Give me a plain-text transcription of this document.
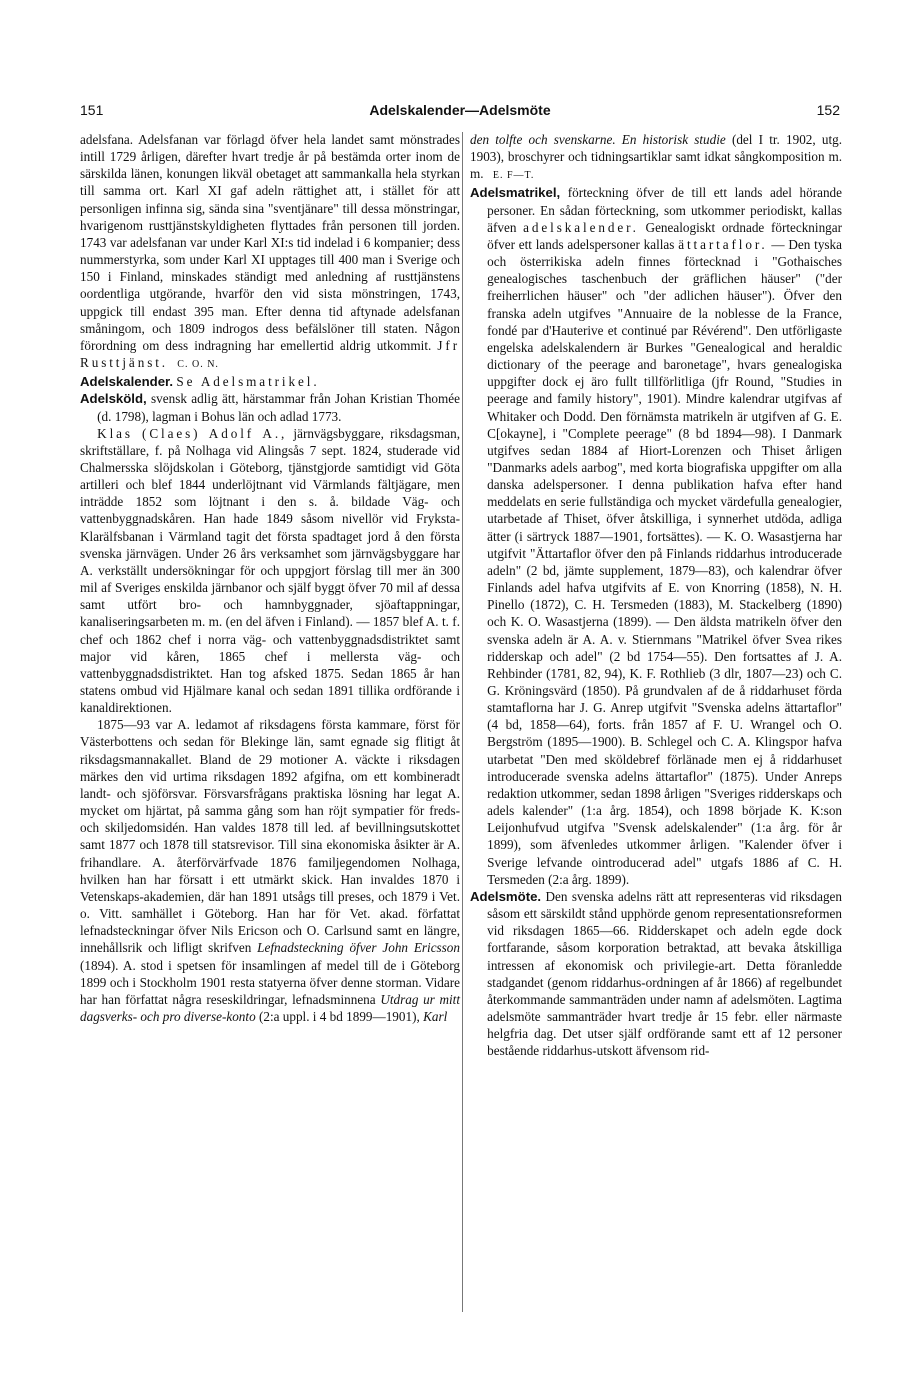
151	Adelskalender—Adelsmöte	152

adelsfana. Adelsfanan var förlagd öfver hela landet samt mönstrades intill 1729 årligen, därefter hvart tredje år på bestämda orter inom de särskilda länen, konungen likväl obetaget att sammankalla hela styrkan till samma ort. Karl XI gaf adeln rättighet att, i stället för att personligen infinna sig, sända sina "sventjänare" till dessa mönstringar, hvarigenom rusttjänstskyldigheten flyttades från personen till jorden. 1743 var adelsfanan var under Karl XI:s tid indelad i 6 kompanier; dess nummerstyrka, som under Karl XI upptages till 400 man i Sverige och 150 i Finland, minskades ständigt med anledning af rusttjänstens oordentliga utgörande, hvarför den vid sista mönstringen, 1743, uppgick till endast 395 man. Efter denna tid aftynade adelsfanan småningom, och 1809 indrogos dess befälslöner till staten. Någon förordning om dess indragning har emellertid aldrig utkommit. Jfr Rusttjänst. C. O. N.

Adelskalender. Se Adelsmatrikel.

Adelsköld, svensk adlig ätt, härstammar från Johan Kristian Thomée (d. 1798), lagman i Bohus län och adlad 1773.

Klas (Claes) Adolf A., järnvägsbyggare, riksdagsman, skriftställare, f. på Nolhaga vid Alingsås 7 sept. 1824, studerade vid Chalmersska slöjdskolan i Göteborg, tjänstgjorde samtidigt vid Göta artilleri och blef 1844 underlöjtnant vid Värmlands fältjägare, men inträdde 1852 som löjtnant i den s. å. bildade Väg- och vattenbyggnadskåren. Han hade 1849 såsom nivellör vid Fryksta-Klarälfsbanan i Värmland tagit det första spadtaget jord å den första svenska järnvägen. Under 26 års verksamhet som järnvägsbyggare har A. verkställt undersökningar för och uppgjort förslag till mer än 300 mil af Sveriges enskilda järnbanor och själf byggt öfver 70 mil af dessa samt utfört bro- och hamnbyggnader, sjöaftappningar, kanaliseringsarbeten m. m. (en del äfven i Finland). — 1857 blef A. t. f. chef och 1862 chef i norra väg- och vattenbyggnadsdistriktet samt major vid kåren, 1865 chef i mellersta väg- och vattenbyggnadsdistriktet. Han tog afsked 1875. Sedan 1865 år han statens ombud vid Hjälmare kanal och sedan 1891 tillika ordförande i kanaldirektionen.

1875—93 var A. ledamot af riksdagens första kammare, först för Västerbottens och sedan för Blekinge län, samt egnade sig flitigt åt riksdagsmannakallet. Bland de 29 motioner A. väckte i riksdagen märkes den vid urtima riksdagen 1892 afgifna, om ett kombineradt landt- och sjöförsvar. Försvarsfrågans praktiska lösning har legat A. mycket om hjärtat, på samma gång som han röjt sympatier för freds- och skiljedomsidén. Han valdes 1878 till led. af bevillningsutskottet samt 1877 och 1878 till statsrevisor. Till sina ekonomiska åsikter är A. frihandlare. A. återförvärfvade 1876 familjegendomen Nolhaga, hvilken han har försatt i ett utmärkt skick. Han invaldes 1870 i Vetenskaps-akademien, där han 1891 utsågs till preses, och 1879 i Vet. o. Vitt. samhället i Göteborg. Han har för Vet. akad. författat lefnadsteckningar öfver Nils Ericson och O. Carlsund samt en längre, innehållsrik och lifligt skrifven Lefnadsteckning öfver John Ericsson (1894). A. stod i spetsen för insamlingen af medel till de i Göteborg 1899 och i Stockholm 1901 resta statyerna öfver denne storman. Vidare har han författat några reseskildringar, lefnadsminnena Utdrag ur mitt dagsverks- och pro diverse-konto (2:a uppl. i 4 bd 1899—1901), Karl

den tolfte och svenskarne. En historisk studie (del I tr. 1902, utg. 1903), broschyrer och tidningsartiklar samt idkat sångkomposition m. m. E. F—T.

Adelsmatrikel, förteckning öfver de till ett lands adel hörande personer. En sådan förteckning, som utkommer periodiskt, kallas äfven adelskalender. Genealogiskt ordnade förteckningar öfver ett lands adelspersoner kallas ättartaflor. — Den tyska och österrikiska adeln finnes förtecknad i "Gothaisches genealogisches taschenbuch der gräflichen häuser" ("der freiherrlichen häuser" och "der adlichen häuser"). Öfver den franska adeln utgifves "Annuaire de la noblesse de la France, fondé par d'Hauterive et continué par Révérend". Den utförligaste engelska adelskalendern är Burkes "Genealogical and heraldic dictionary of the peerage and baronetage", hvars genealogiska uppgifter dock ej äro fullt tillförlitliga (jfr Round, "Studies in peerage and family history", 1901). Mindre kalendrar utgifvas af Whitaker och Dodd. Den förnämsta matrikeln är utgifven af G. E. C[okayne], i "Complete peerage" (8 bd 1894—98). I Danmark utgifves sedan 1884 af Hiort-Lorenzen och Thiset årligen "Danmarks adels aarbog", med korta biografiska uppgifter om alla danska adelspersoner. I denna publikation hafva efter hand meddelats en serie fullständiga och mycket värdefulla genealogier, utarbetade af Thiset, öfver åtskilliga, i synnerhet utdöda, adliga ätter (i särtryck 1887—1901, fortsättes). — K. O. Wasastjerna har utgifvit "Ättartaflor öfver den på Finlands riddarhus introducerade adeln" (2 bd, jämte supplement, 1879—83), och kalendrar öfver Finlands adel hafva utgifvits af E. von Knorring (1858), N. H. Pinello (1872), C. H. Tersmeden (1883), M. Stackelberg (1890) och K. O. Wasastjerna (1899). — Den äldsta matrikeln öfver den svenska adeln är A. A. v. Stiernmans "Matrikel öfver Svea rikes ridderskap och adel" (2 bd 1754—55). Den fortsattes af J. A. Rehbinder (1781, 82, 94), K. F. Rothlieb (3 dlr, 1807—23) och C. G. Kröningsvärd (1850). På grundvalen af de å riddarhuset förda stamtaflorna har J. G. Anrep utgifvit "Svenska adelns ättartaflor" (4 bd, 1858—64), forts. från 1857 af F. U. Wrangel och O. Bergström (1895—1900). B. Schlegel och C. A. Klingspor hafva utarbetat "Den med sköldebref förlänade men ej å riddarhuset introducerade svenska adelns ättartaflor" (1875). Under Anreps redaktion utkommer, sedan 1898 årligen "Sveriges ridderskaps och adels kalender" (1:a årg. 1854), och 1898 började K. K:son Leijonhufvud utgifva "Svensk adelskalender" (1:a årg. för år 1899), som äfvenledes utkommer årligen. "Kalender öfver i Sverige lefvande ointroducerad adel" utgafs 1886 af C. H. Tersmeden (2:a årg. 1899).

Adelsmöte. Den svenska adelns rätt att representeras vid riksdagen såsom ett särskildt stånd upphörde genom representationsreformen vid riksdagen 1865—66. Ridderskapet och adeln egde dock fortfarande, såsom korporation betraktad, att bevaka åtskilliga intressen af ekonomisk och privilegie-art. Detta föranledde stadgandet (genom riddarhus-ordningen af år 1866) af regelbundet återkommande sammanträden under namn af adelsmöten. Lagtima adelsmöte sammanträder hvart tredje år 15 febr. eller närmaste helgfria dag. Det utser själf ordförande samt ett af 12 personer bestående riddarhus-utskott äfvensom rid-
